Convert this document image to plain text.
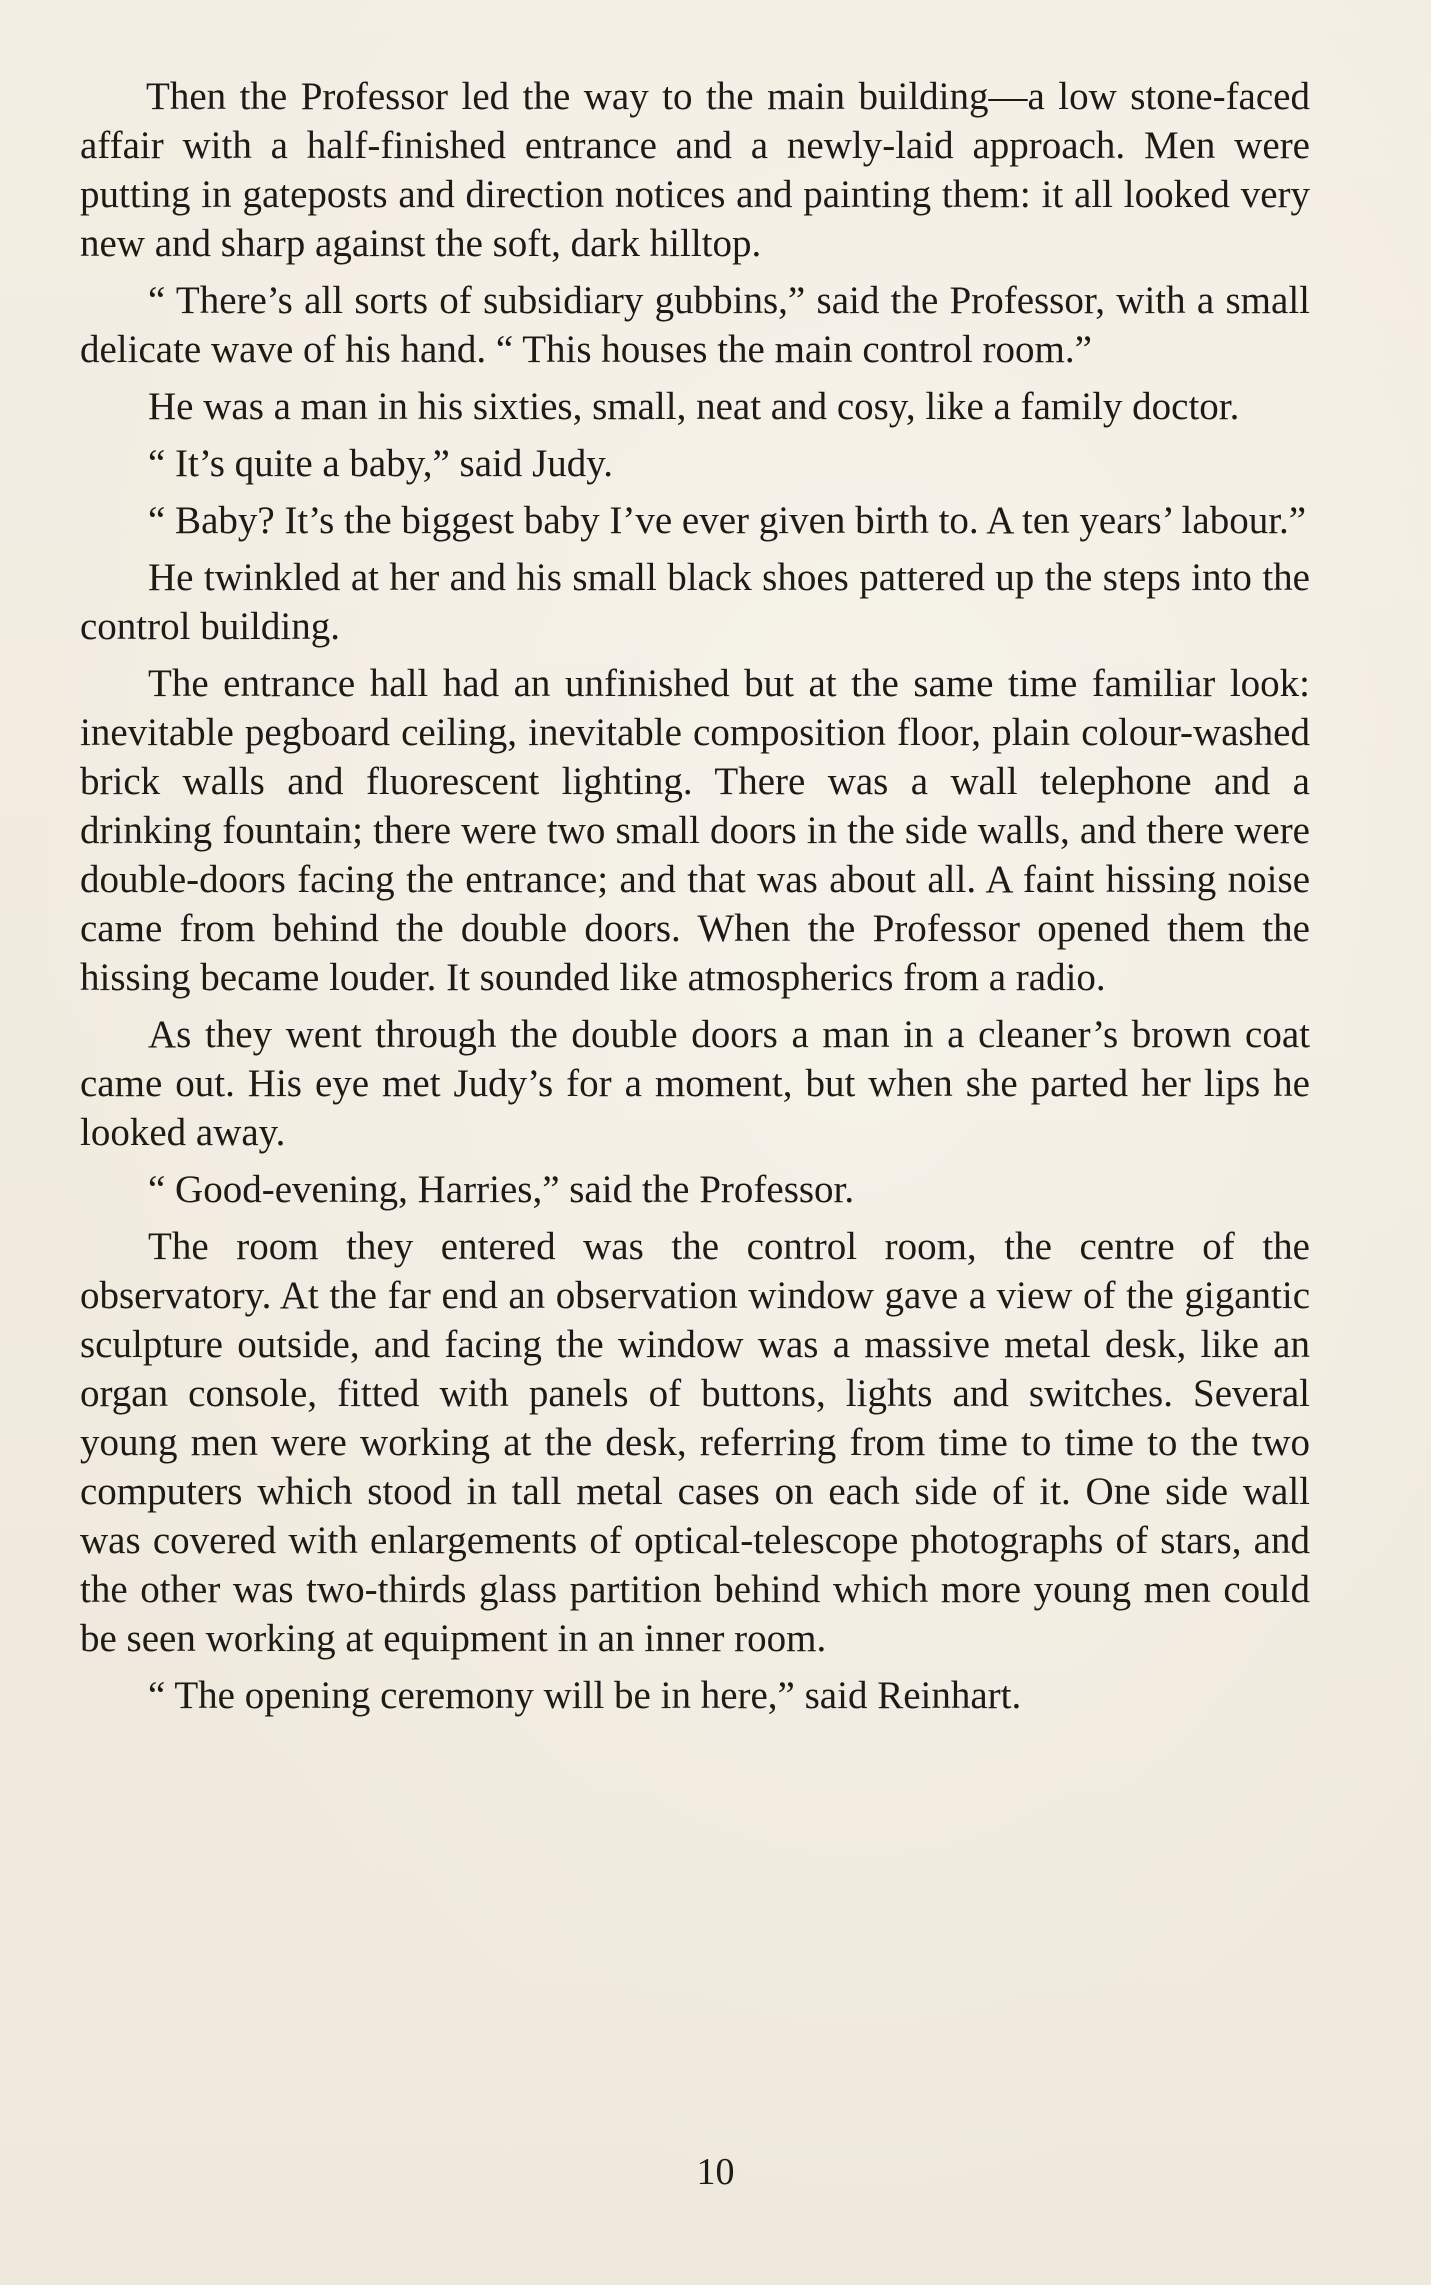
Then the Professor led the way to the main building—a low stone-faced affair with a half-finished entrance and a newly-laid approach. Men were putting in gateposts and direction notices and painting them: it all looked very new and sharp against the soft, dark hilltop.

“ There’s all sorts of subsidiary gubbins,” said the Professor, with a small delicate wave of his hand. “ This houses the main control room.”

He was a man in his sixties, small, neat and cosy, like a family doctor.

“ It’s quite a baby,” said Judy.

“ Baby? It’s the biggest baby I’ve ever given birth to. A ten years’ labour.”

He twinkled at her and his small black shoes pattered up the steps into the control building.

The entrance hall had an unfinished but at the same time familiar look: inevitable pegboard ceiling, inevitable composition floor, plain colour-washed brick walls and fluorescent lighting. There was a wall telephone and a drinking fountain; there were two small doors in the side walls, and there were double-doors facing the entrance; and that was about all. A faint hissing noise came from behind the double doors. When the Professor opened them the hissing became louder. It sounded like atmospherics from a radio.

As they went through the double doors a man in a cleaner’s brown coat came out. His eye met Judy’s for a moment, but when she parted her lips he looked away.

“ Good-evening, Harries,” said the Professor.

The room they entered was the control room, the centre of the observatory. At the far end an observation window gave a view of the gigantic sculpture outside, and facing the window was a massive metal desk, like an organ console, fitted with panels of buttons, lights and switches. Several young men were working at the desk, referring from time to time to the two computers which stood in tall metal cases on each side of it. One side wall was covered with enlargements of optical-telescope photographs of stars, and the other was two-thirds glass partition behind which more young men could be seen working at equipment in an inner room.

“ The opening ceremony will be in here,” said Reinhart.

10
